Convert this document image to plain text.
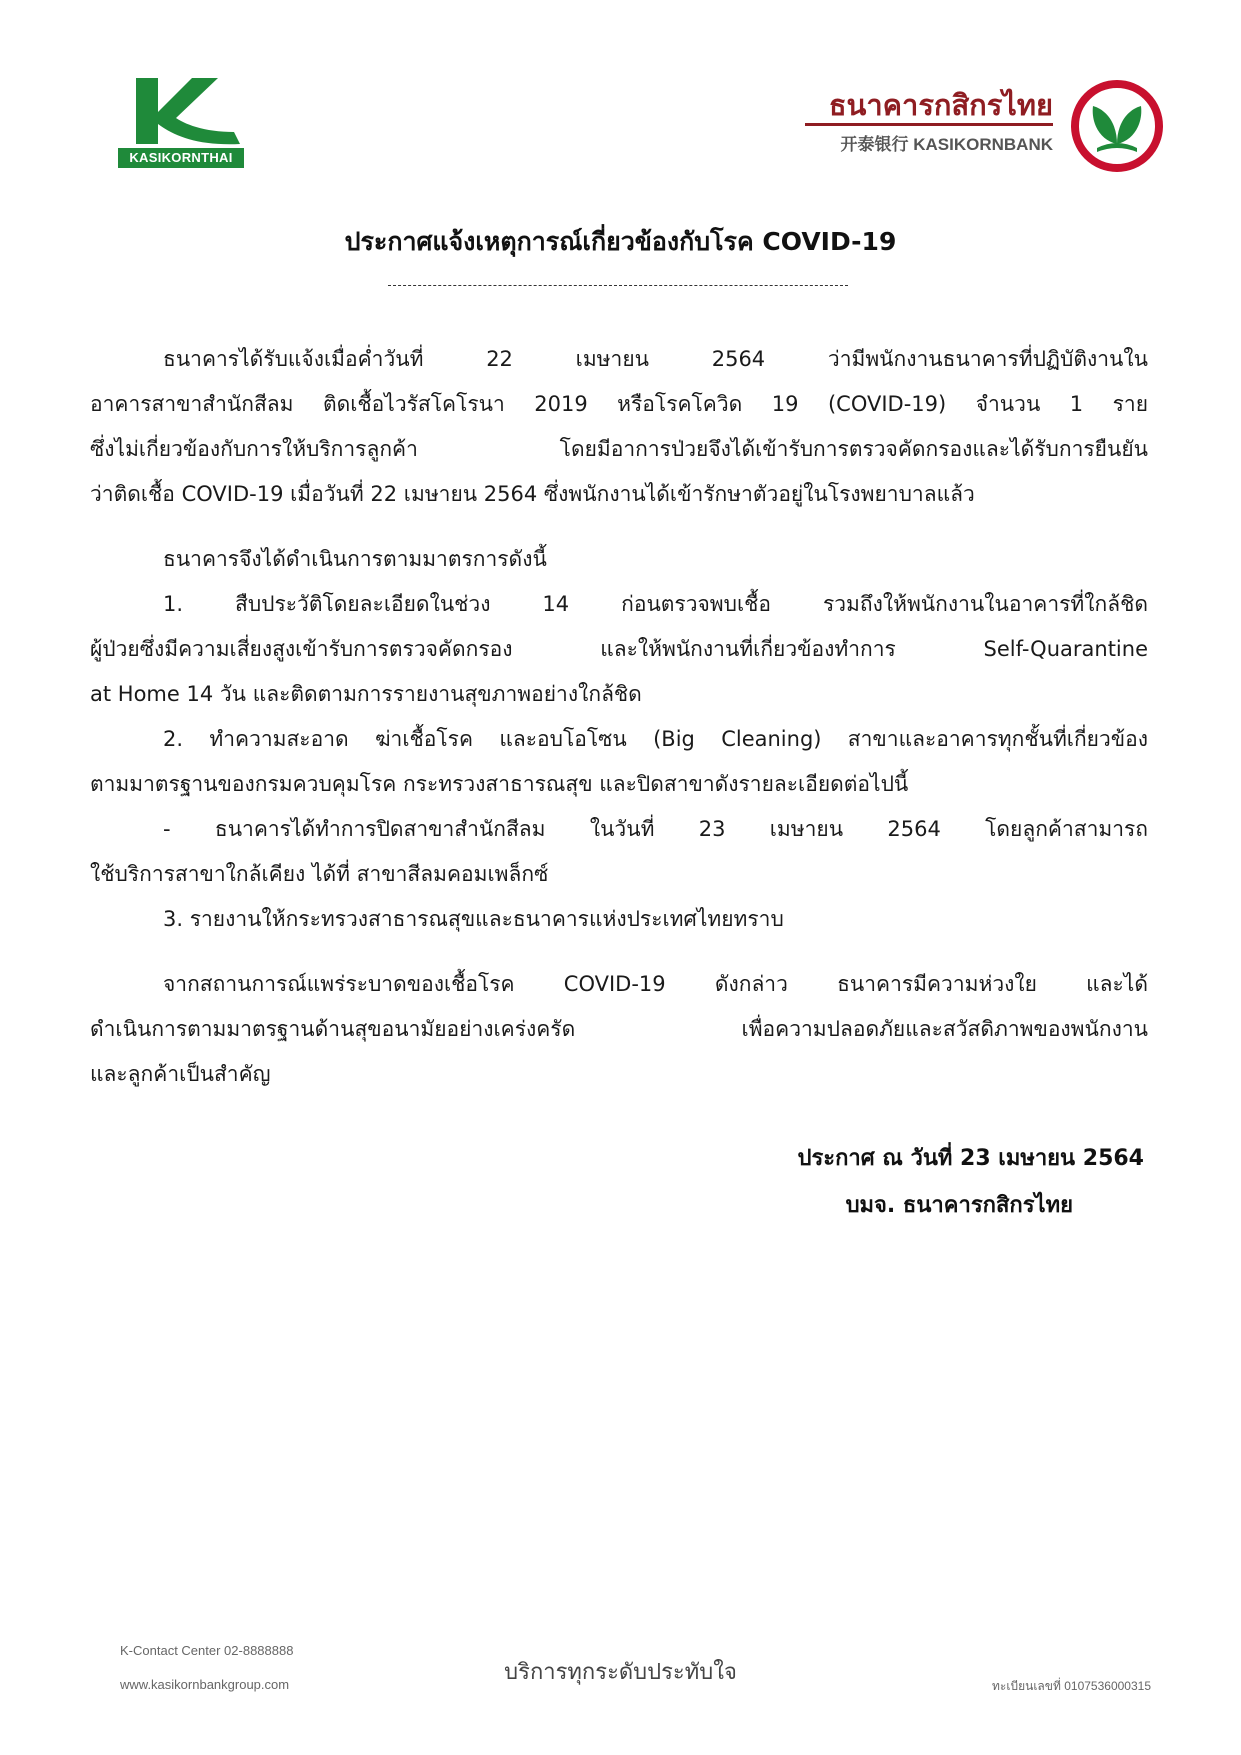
KASIKORNTHAI
ธนาคารกสิกรไทย
开泰银行 KASIKORNBANK
ประกาศแจ้งเหตุการณ์เกี่ยวข้องกับโรค COVID-19
ธนาคารได้รับแจ้งเมื่อค่ำวันที่ 22 เมษายน 2564 ว่ามีพนักงานธนาคารที่ปฏิบัติงานใน
อาคารสาขาสำนักสีลม ติดเชื้อไวรัสโคโรนา 2019 หรือโรคโควิด 19 (COVID-19) จำนวน 1 ราย
ซึ่งไม่เกี่ยวข้องกับการให้บริการลูกค้า โดยมีอาการป่วยจึงได้เข้ารับการตรวจคัดกรองและได้รับการยืนยัน
ว่าติดเชื้อ COVID-19 เมื่อวันที่ 22 เมษายน 2564 ซึ่งพนักงานได้เข้ารักษาตัวอยู่ในโรงพยาบาลแล้ว
ธนาคารจึงได้ดำเนินการตามมาตรการดังนี้
1. สืบประวัติโดยละเอียดในช่วง 14 ก่อนตรวจพบเชื้อ รวมถึงให้พนักงานในอาคารที่ใกล้ชิด
ผู้ป่วยซึ่งมีความเสี่ยงสูงเข้ารับการตรวจคัดกรอง และให้พนักงานที่เกี่ยวข้องทำการ Self-Quarantine
at Home 14 วัน และติดตามการรายงานสุขภาพอย่างใกล้ชิด
2. ทำความสะอาด ฆ่าเชื้อโรค และอบโอโซน (Big Cleaning) สาขาและอาคารทุกชั้นที่เกี่ยวข้อง
ตามมาตรฐานของกรมควบคุมโรค กระทรวงสาธารณสุข และปิดสาขาดังรายละเอียดต่อไปนี้
- ธนาคารได้ทำการปิดสาขาสำนักสีลม ในวันที่ 23 เมษายน 2564 โดยลูกค้าสามารถ
ใช้บริการสาขาใกล้เคียง ได้ที่ สาขาสีลมคอมเพล็กซ์
3. รายงานให้กระทรวงสาธารณสุขและธนาคารแห่งประเทศไทยทราบ
จากสถานการณ์แพร่ระบาดของเชื้อโรค COVID-19 ดังกล่าว ธนาคารมีความห่วงใย และได้
ดำเนินการตามมาตรฐานด้านสุขอนามัยอย่างเคร่งครัด เพื่อความปลอดภัยและสวัสดิภาพของพนักงาน
และลูกค้าเป็นสำคัญ
ประกาศ ณ วันที่ 23 เมษายน 2564
บมจ. ธนาคารกสิกรไทย
K-Contact Center 02-8888888
www.kasikornbankgroup.com	บริการทุกระดับประทับใจ
ทะเบียนเลขที่ 0107536000315
